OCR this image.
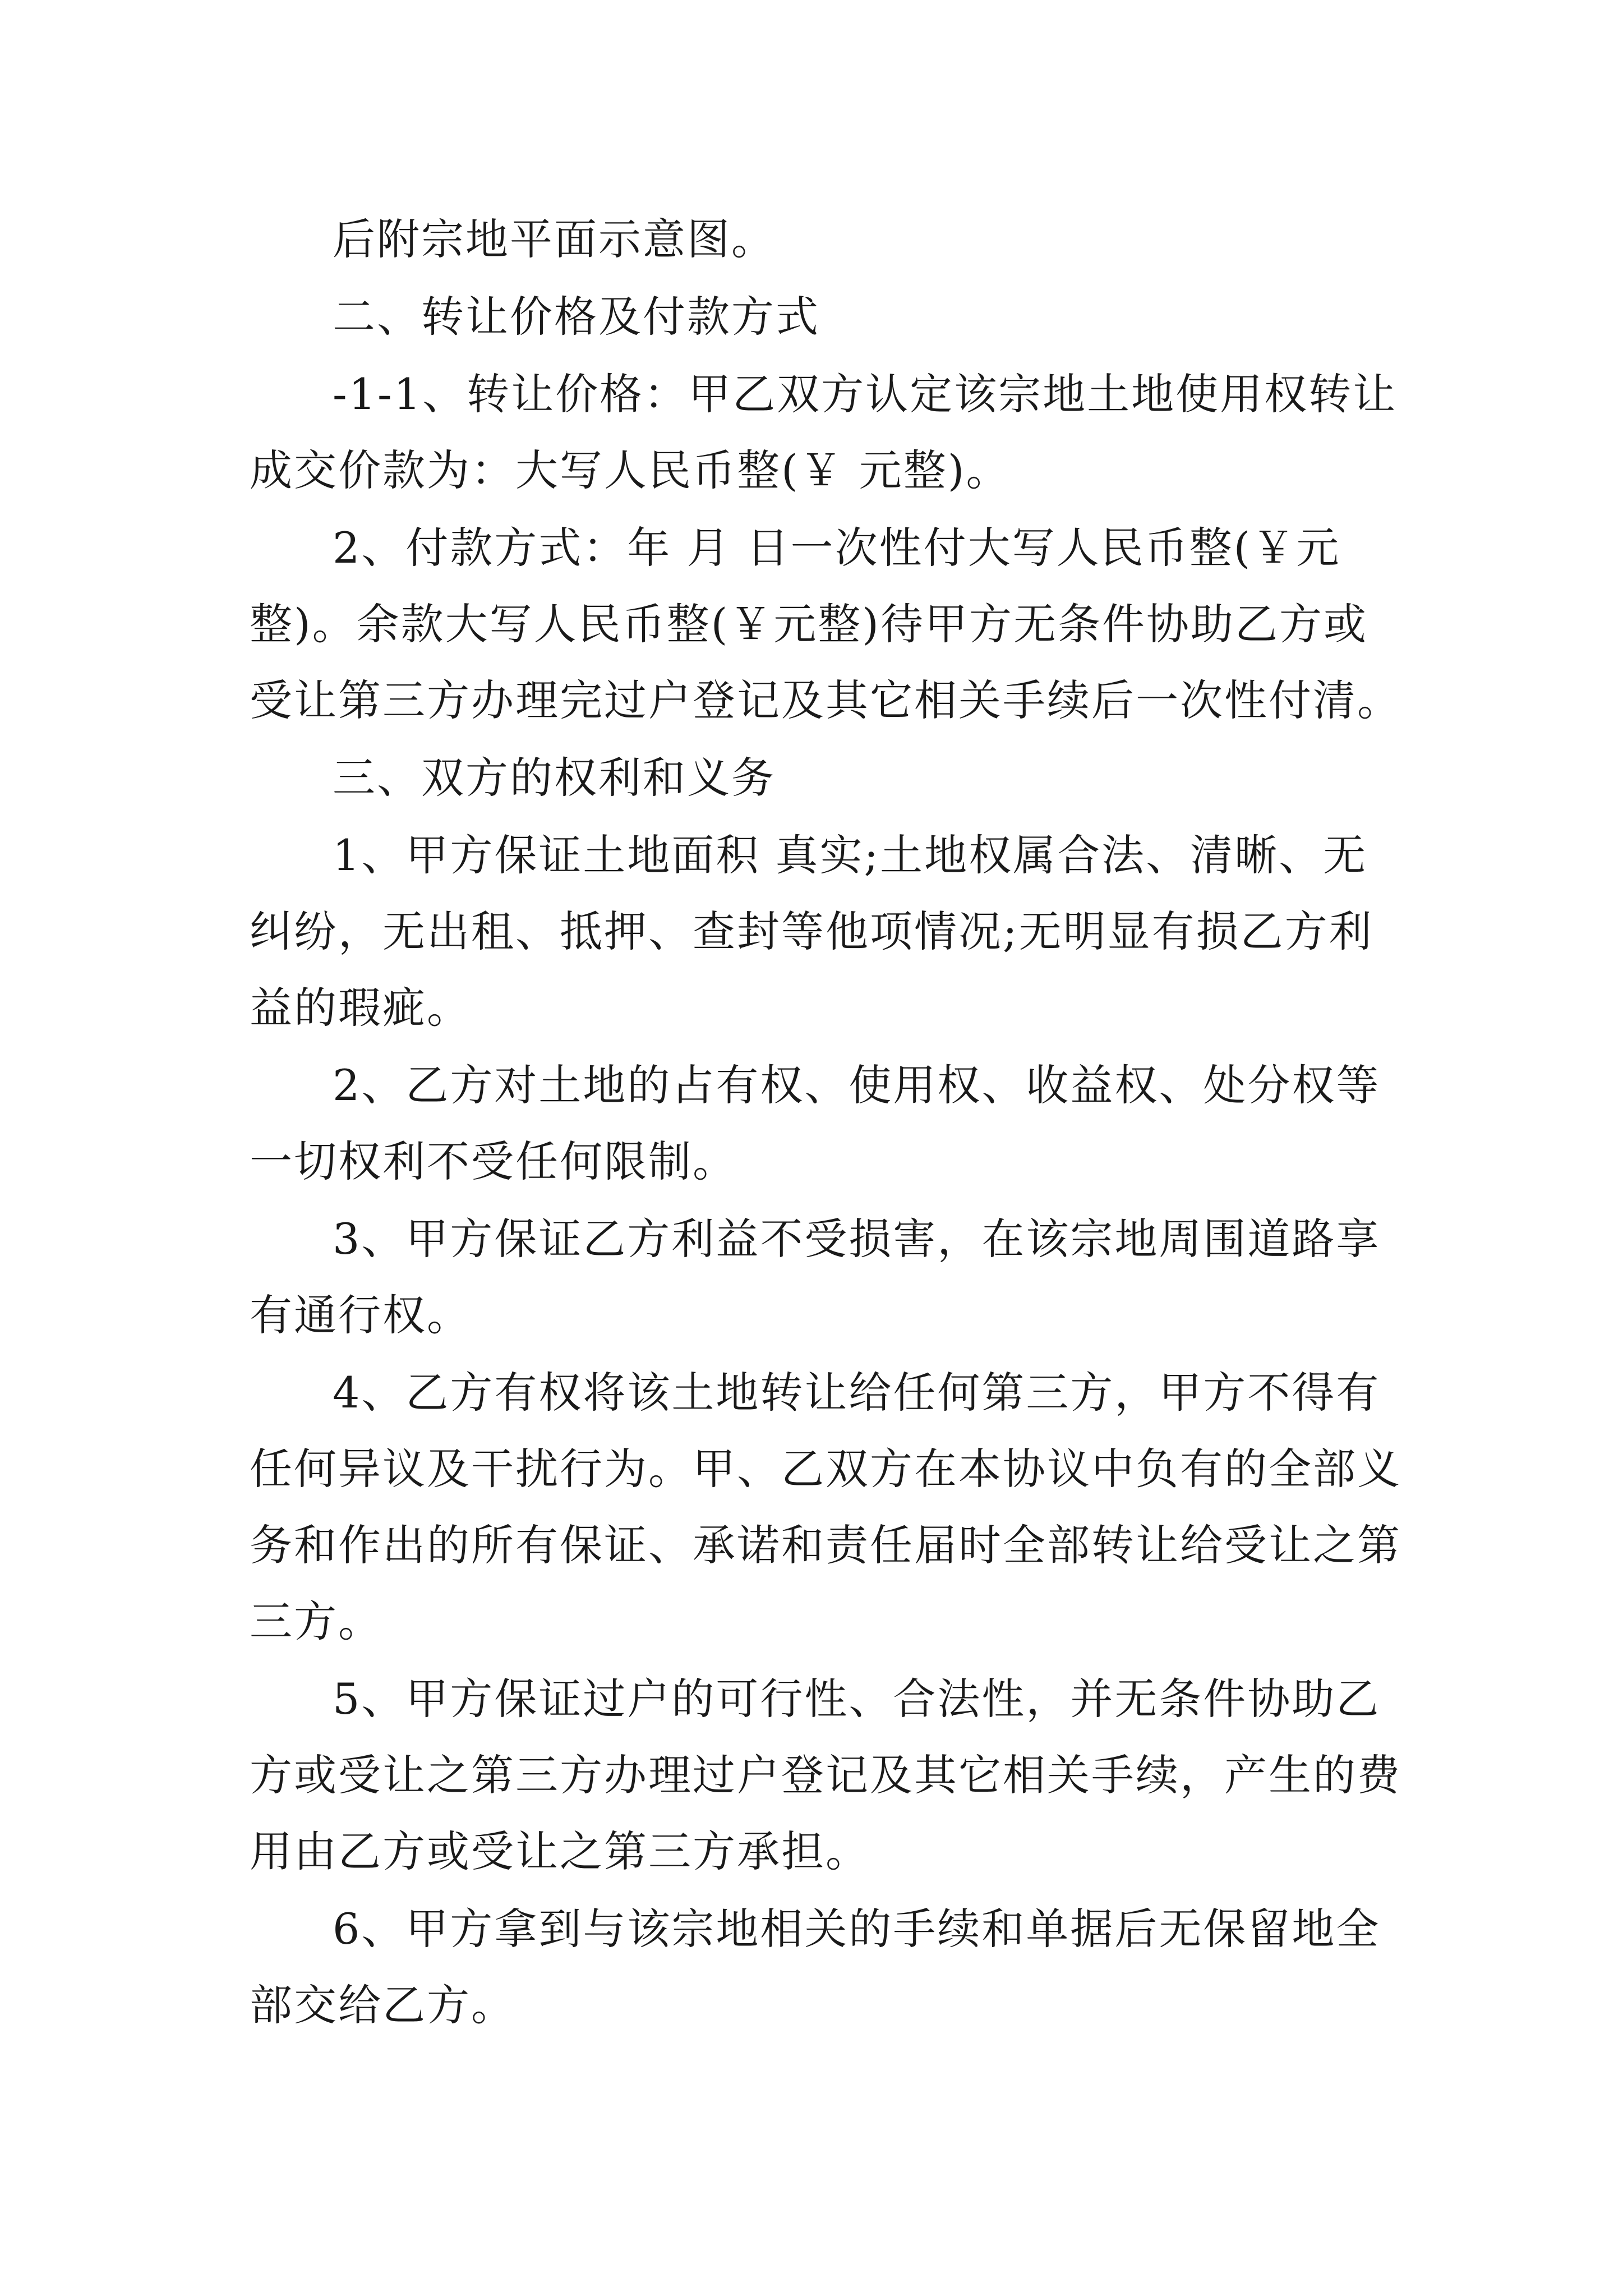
后附宗地平面示意图。
二、转让价格及付款方式
-1-1、转让价格：甲乙双方认定该宗地土地使用权转让
成交价款为：大写人民币整(￥ 元整)。
2、付款方式：年 月 日一次性付大写人民币整(￥元
整)。余款大写人民币整(￥元整)待甲方无条件协助乙方或
受让第三方办理完过户登记及其它相关手续后一次性付清。
三、双方的权利和义务
1、甲方保证土地面积 真实;土地权属合法、清晰、无
纠纷，无出租、抵押、查封等他项情况;无明显有损乙方利
益的瑕疵。
2、乙方对土地的占有权、使用权、收益权、处分权等
一切权利不受任何限制。
3、甲方保证乙方利益不受损害，在该宗地周围道路享
有通行权。
4、乙方有权将该土地转让给任何第三方，甲方不得有
任何异议及干扰行为。甲、乙双方在本协议中负有的全部义
务和作出的所有保证、承诺和责任届时全部转让给受让之第
三方。
5、甲方保证过户的可行性、合法性，并无条件协助乙
方或受让之第三方办理过户登记及其它相关手续，产生的费
用由乙方或受让之第三方承担。
6、甲方拿到与该宗地相关的手续和单据后无保留地全
部交给乙方。
